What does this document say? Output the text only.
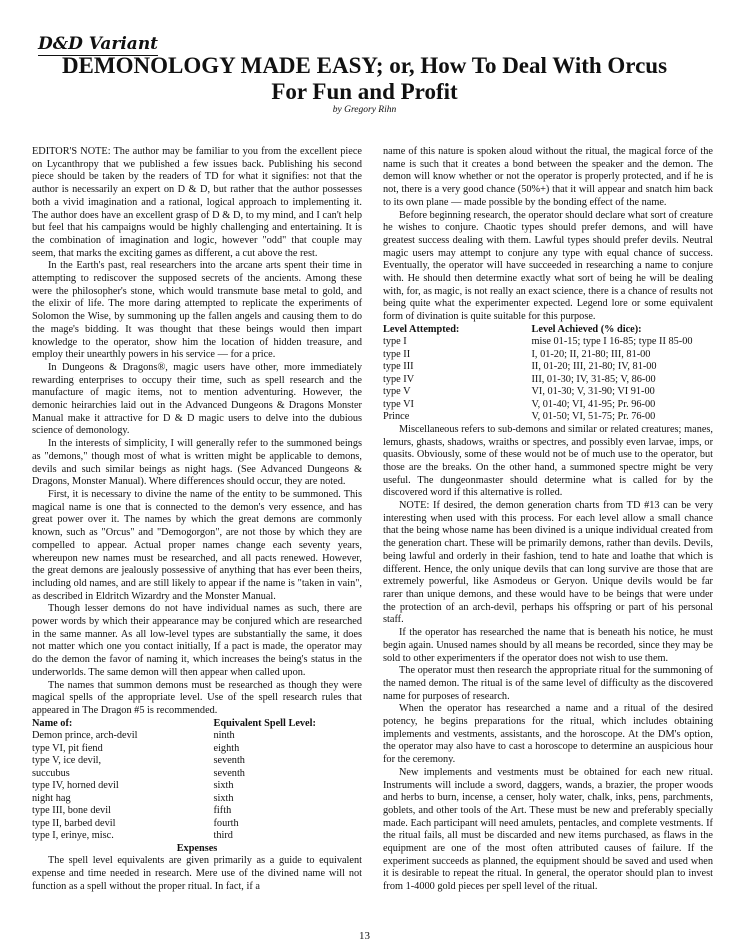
D&D Variant
DEMONOLOGY MADE EASY; or, How To Deal With Orcus For Fun and Profit
by Gregory Rihn

EDITOR'S NOTE: The author may be familiar to you from the excellent piece on Lycanthropy that we published a few issues back. Publishing his second piece should be taken by the readers of TD for what it signifies: not that the author is necessarily an expert on D & D, but rather that the author possesses both a vivid imagination and a rational, logical approach to implementing it. The author does have an excellent grasp of D & D, to my mind, and I can't help but feel that his campaigns would be highly challenging and entertaining. It is the combination of imagination and logic, however "odd" that couple may seem, that marks the exciting games as different, a cut above the rest.

In the Earth's past, real researchers into the arcane arts spent their time in attempting to rediscover the supposed secrets of the ancients. Among these were the philosopher's stone, which would transmute base metal to gold, and the elixir of life. The more daring attempted to replicate the experiments of Solomon the Wise, by summoning up the fallen angels and causing them to do the mage's bidding. It was thought that these beings would then impart knowledge to the operator, show him the location of hidden treasure, and employ their unearthly powers in his service — for a price.

In Dungeons & Dragons®, magic users have other, more immediately rewarding enterprises to occupy their time, such as spell research and the manufacture of magic items, not to mention adventuring. However, the demonic heirarchies laid out in the Advanced Dungeons & Dragons Monster Manual make it attractive for D & D magic users to delve into the dubious science of demonology.

In the interests of simplicity, I will generally refer to the summoned beings as "demons," though most of what is written might be applicable to demons, devils and such similar beings as night hags. (See Advanced Dungeons & Dragons, Monster Manual). Where differences should occur, they are noted.

First, it is necessary to divine the name of the entity to be summoned. This magical name is one that is connected to the demon's very essence, and has great power over it. The names by which the great demons are commonly known, such as "Orcus" and "Demogorgon", are not those by which they are compelled to appear. Actual proper names change each seventy years, whereupon new names must be researched, and all pacts renewed. However, the great demons are jealously possessive of anything that has ever been theirs, including old names, and are still likely to appear if the name is "taken in vain", as described in Eldritch Wizardry and the Monster Manual.

Though lesser demons do not have individual names as such, there are power words by which their appearance may be conjured which are researched in the same manner. As all low-level types are substantially the same, it does not matter which one you contact initially, If a pact is made, the operator may do the demon the favor of naming it, which increases the being's status in the underworlds. The same demon will then appear when called upon.

The names that summon demons must be researched as though they were magical spells of the appropriate level. Use of the spell research rules that appeared in The Dragon #5 is recommended.

Name of:	Equivalent Spell Level:
Demon prince, arch-devil	ninth
type VI, pit fiend	eighth
type V, ice devil,	seventh
succubus	seventh
type IV, horned devil	sixth
night hag	sixth
type III, bone devil	fifth
type II, barbed devil	fourth
type I, erinye, misc.	third
Expenses

The spell level equivalents are given primarily as a guide to equivalent expense and time needed in research. Mere use of the divined name will not function as a spell without the proper ritual. In fact, if a

name of this nature is spoken aloud without the ritual, the magical force of the name is such that it creates a bond between the speaker and the demon. The demon will know whether or not the operator is properly protected, and if he is not, there is a very good chance (50%+) that it will appear and snatch him back to its own plane — made possible by the bonding effect of the name.

Before beginning research, the operator should declare what sort of creature he wishes to conjure. Chaotic types should prefer demons, and will have greatest success dealing with them. Lawful types should prefer devils. Neutral magic users may attempt to conjure any type with equal chance of success. Eventually, the operator will have succeeded in researching a name to conjure with. He should then determine exactly what sort of being he will be dealing with, for, as magic, is not really an exact science, there is a chance of results not being quite what the experimenter expected. Legend lore or some equivalent form of divination is quite suitable for this purpose.

Level Attempted:	Level Achieved (% dice):
type I	mise 01-15; type I 16-85; type II 85-00
type II	I, 01-20; II, 21-80; III, 81-00
type III	II, 01-20; III, 21-80; IV, 81-00
type IV	III, 01-30; IV, 31-85; V, 86-00
type V	VI, 01-30; V, 31-90; VI 91-00
type VI	V, 01-40; VI, 41-95; Pr. 96-00
Prince	V, 01-50; VI, 51-75; Pr. 76-00

Miscellaneous refers to sub-demons and similar or related creatures; manes, lemurs, ghasts, shadows, wraiths or spectres, and possibly even larvae, imps, or quasits. Obviously, some of these would not be of much use to the operator, but those are the breaks. On the other hand, a summoned spectre might be very useful. The dungeonmaster should determine what is called for by the discovered word if this alternative is rolled.

NOTE: If desired, the demon generation charts from TD #13 can be very interesting when used with this process. For each level allow a small chance that the being whose name has been divined is a unique individual created from the generation chart. These will be primarily demons, rather than devils. Devils, being lawful and orderly in their fashion, tend to hate and loathe that which is different. Hence, the only unique devils that can long survive are those that are extremely powerful, like Asmodeus or Geryon. Unique devils would be far rarer than unique demons, and these would have to be beings that were under the protection of an arch-devil, perhaps his offspring or part of his personal staff.

If the operator has researched the name that is beneath his notice, he must begin again. Unused names should by all means be recorded, since they may be sold to other experimenters if the operator does not wish to use them.

The operator must then research the appropriate ritual for the summoning of the named demon. The ritual is of the same level of difficulty as the discovered name for purposes of research.

When the operator has researched a name and a ritual of the desired potency, he begins preparations for the ritual, which includes obtaining implements and vestments, assistants, and the horoscope. At the DM's option, the operator may also have to cast a horoscope to determine an auspicious hour for the ceremony.

New implements and vestments must be obtained for each new ritual. Instruments will include a sword, daggers, wands, a brazier, the proper woods and herbs to burn, incense, a censer, holy water, chalk, inks, pens, parchments, goblets, and other tools of the Art. These must be new and preferably specially made. Each participant will need amulets, pentacles, and complete vestments. If the ritual fails, all must be discarded and new items purchased, as flaws in the equipment are one of the most often attributed causes of failure. If the experiment succeeds as planned, the equipment should be saved and used when it is desirable to repeat the ritual. In general, the operator should plan to invest from 1-4000 gold pieces per spell level of the ritual.

13
